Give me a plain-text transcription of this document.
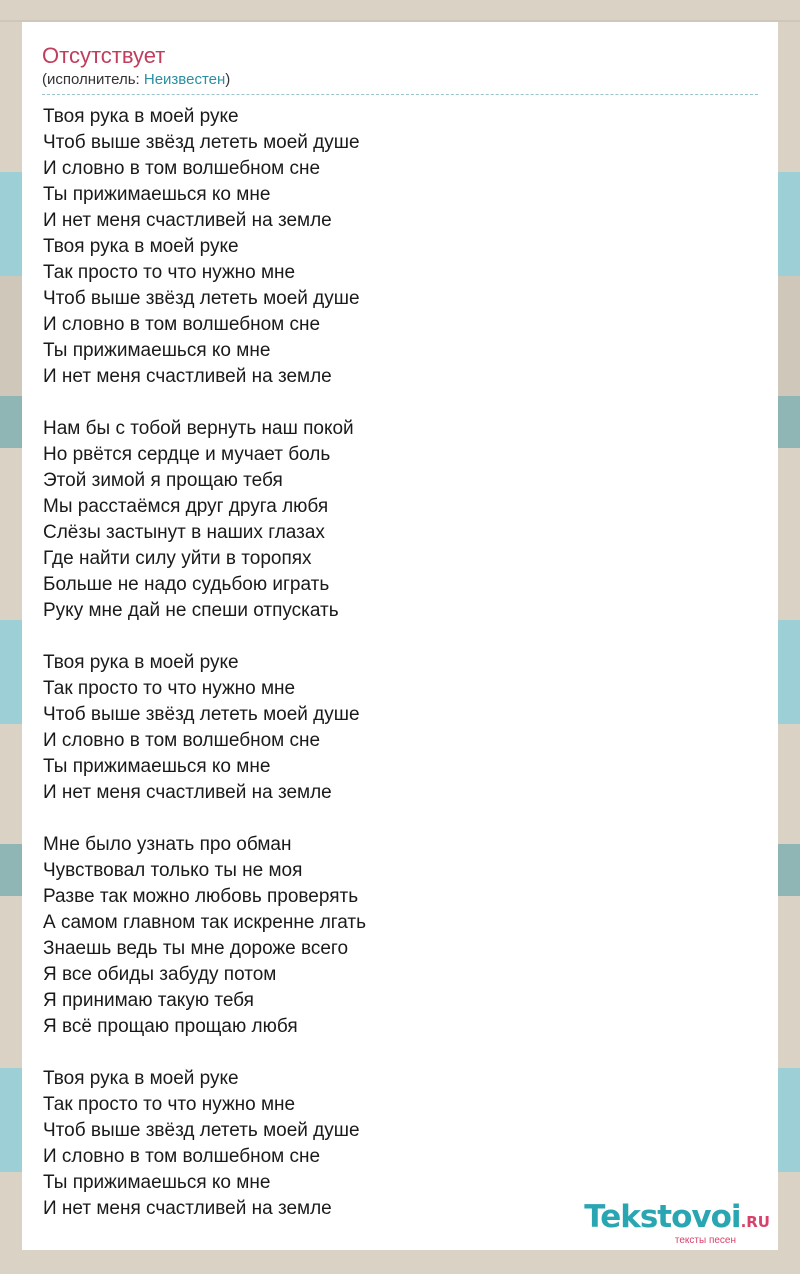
Отсутствует
(исполнитель: Неизвестен)
Твоя рука в моей руке
Чтоб выше звёзд лететь моей душе
И словно в том волшебном сне
Ты прижимаешься ко мне
И нет меня счастливей на земле
Твоя рука в моей руке
Так просто то что нужно мне
Чтоб выше звёзд лететь моей душе
И словно в том волшебном сне
Ты прижимаешься ко мне
И нет меня счастливей на земле
Нам бы с тобой вернуть наш покой
Но рвётся сердце и мучает боль
Этой зимой я прощаю тебя
Мы расстаёмся друг друга любя
Слёзы застынут в наших глазах
Где найти силу уйти в торопях
Больше не надо судьбою играть
Руку мне дай не спеши отпускать
Твоя рука в моей руке
Так просто то что нужно мне
Чтоб выше звёзд лететь моей душе
И словно в том волшебном сне
Ты прижимаешься ко мне
И нет меня счастливей на земле
Мне было узнать про обман
Чувствовал только ты не моя
Разве так можно любовь проверять
А самом главном так искренне лгать
Знаешь ведь ты мне дороже всего
Я все обиды забуду потом
Я принимаю такую тебя
Я всё прощаю прощаю любя
Твоя рука в моей руке
Так просто то что нужно мне
Чтоб выше звёзд лететь моей душе
И словно в том волшебном сне
Ты прижимаешься ко мне
И нет меня счастливей на земле	Tekstovoi.RU
тексты песен
